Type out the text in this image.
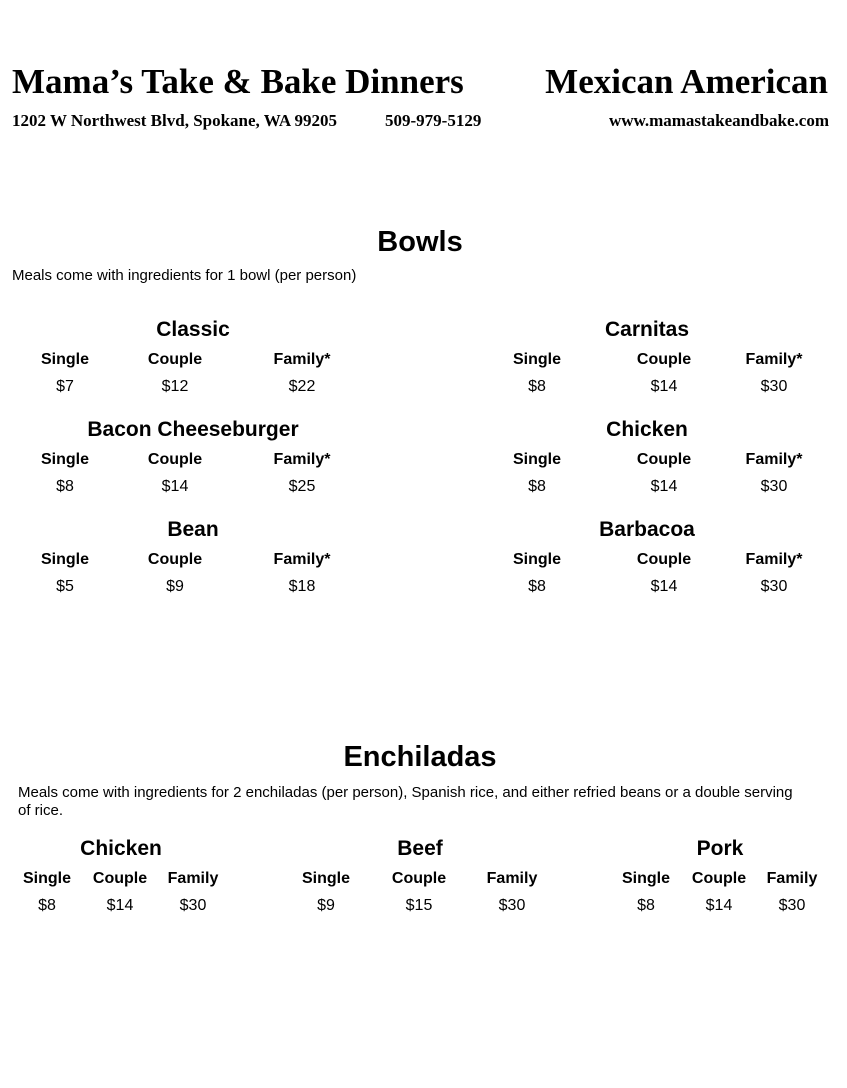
Mama’s Take & Bake Dinners Mexican American
1202 W Northwest Blvd, Spokane, WA 99205	509-979-5129	www.mamastakeandbake.com
Bowls
Meals come with ingredients for 1 bowl (per person)
Classic
Single	Couple	Family*
$7	$12	$22
Carnitas
Single	Couple	Family*
$8	$14	$30
Bacon Cheeseburger
Single	Couple	Family*
$8	$14	$25
Chicken
Single	Couple	Family*
$8	$14	$30
Bean
Single	Couple	Family*
$5	$9	$18
Barbacoa
Single	Couple	Family*
$8	$14	$30
Enchiladas
Meals come with ingredients for 2 enchiladas (per person), Spanish rice, and either refried beans or a double serving of rice.
Chicken
Single Couple Family
$8	$14	$30
Beef
Single	Couple	Family
$9	$15	$30
Pork
Single Couple Family
$8	$14	$30
